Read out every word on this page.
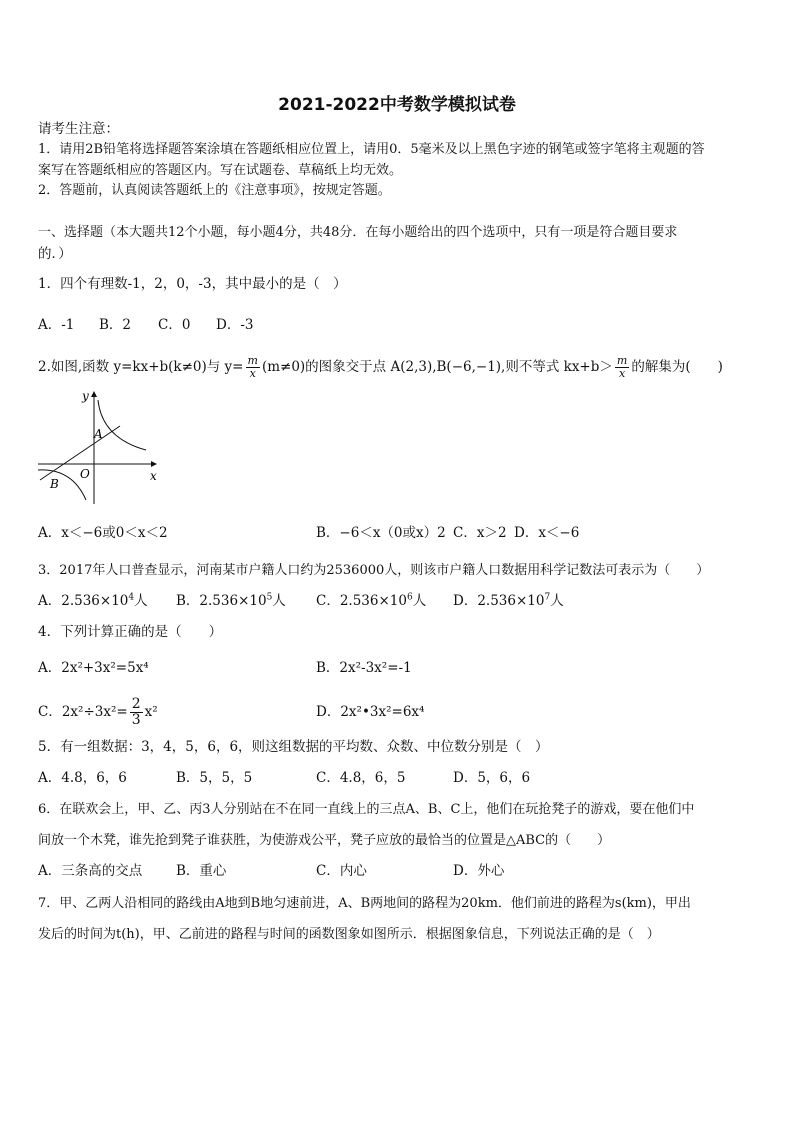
2021-2022中考数学模拟试卷
请考生注意：
1．请用2B铅笔将选择题答案涂填在答题纸相应位置上，请用0．5毫米及以上黑色字迹的钢笔或签字笔将主观题的答
案写在答题纸相应的答题区内。写在试题卷、草稿纸上均无效。
2．答题前，认真阅读答题纸上的《注意事项》，按规定答题。
一、选择题（本大题共12个小题，每小题4分，共48分．在每小题给出的四个选项中，只有一项是符合题目要求
的．）
1．四个有理数-1，2，0，-3，其中最小的是（　）
A．-1 B．2 C．0 D．-3
2.如图,函数 y=kx+b(k≠0)与 $y= \frac{m}{x} (m\ne 0)$的图象交于点 A(2,3),B(−6,−1),则不等式 $kx+b> \frac{m}{x}$ 的解集为(　　)
y
x
A
O
B
A．x＜−6或0＜x＜2	B．−6＜x（0或x）2 C．x＞2 D．x＜−6
3．2017年人口普查显示，河南某市户籍人口约为2536000人，则该市户籍人口数据用科学记数法可表示为（　　）
A．$2.536\times 10^4$人 B．$2.536\times 10^5$人 C．$2.536\times 10^6$人 D．$2.536\times 10^7$人
4．下列计算正确的是（　　）
A．2x²+3x²=5x⁴	B．2x²-3x²=-1
C．$2x^2\div 3x^2= \frac{2}{3} x^2$	D．2x²•3x²=6x⁴
5．有一组数据：3，4，5，6，6，则这组数据的平均数、众数、中位数分别是（　）
A．4.8，6，6	B．5，5，5	C．4.8，6，5	D．5，6，6
6．在联欢会上，甲、乙、丙3人分别站在不在同一直线上的三点A、B、C上，他们在玩抢凳子的游戏，要在他们中
间放一个木凳，谁先抢到凳子谁获胜，为使游戏公平，凳子应放的最恰当的位置是△ABC的（　　）
A．三条高的交点	B．重心	C．内心	D．外心
7．甲、乙两人沿相同的路线由A地到B地匀速前进，A、B两地间的路程为20km．他们前进的路程为s(km)，甲出
发后的时间为t(h)，甲、乙前进的路程与时间的函数图象如图所示．根据图象信息，下列说法正确的是（　）
